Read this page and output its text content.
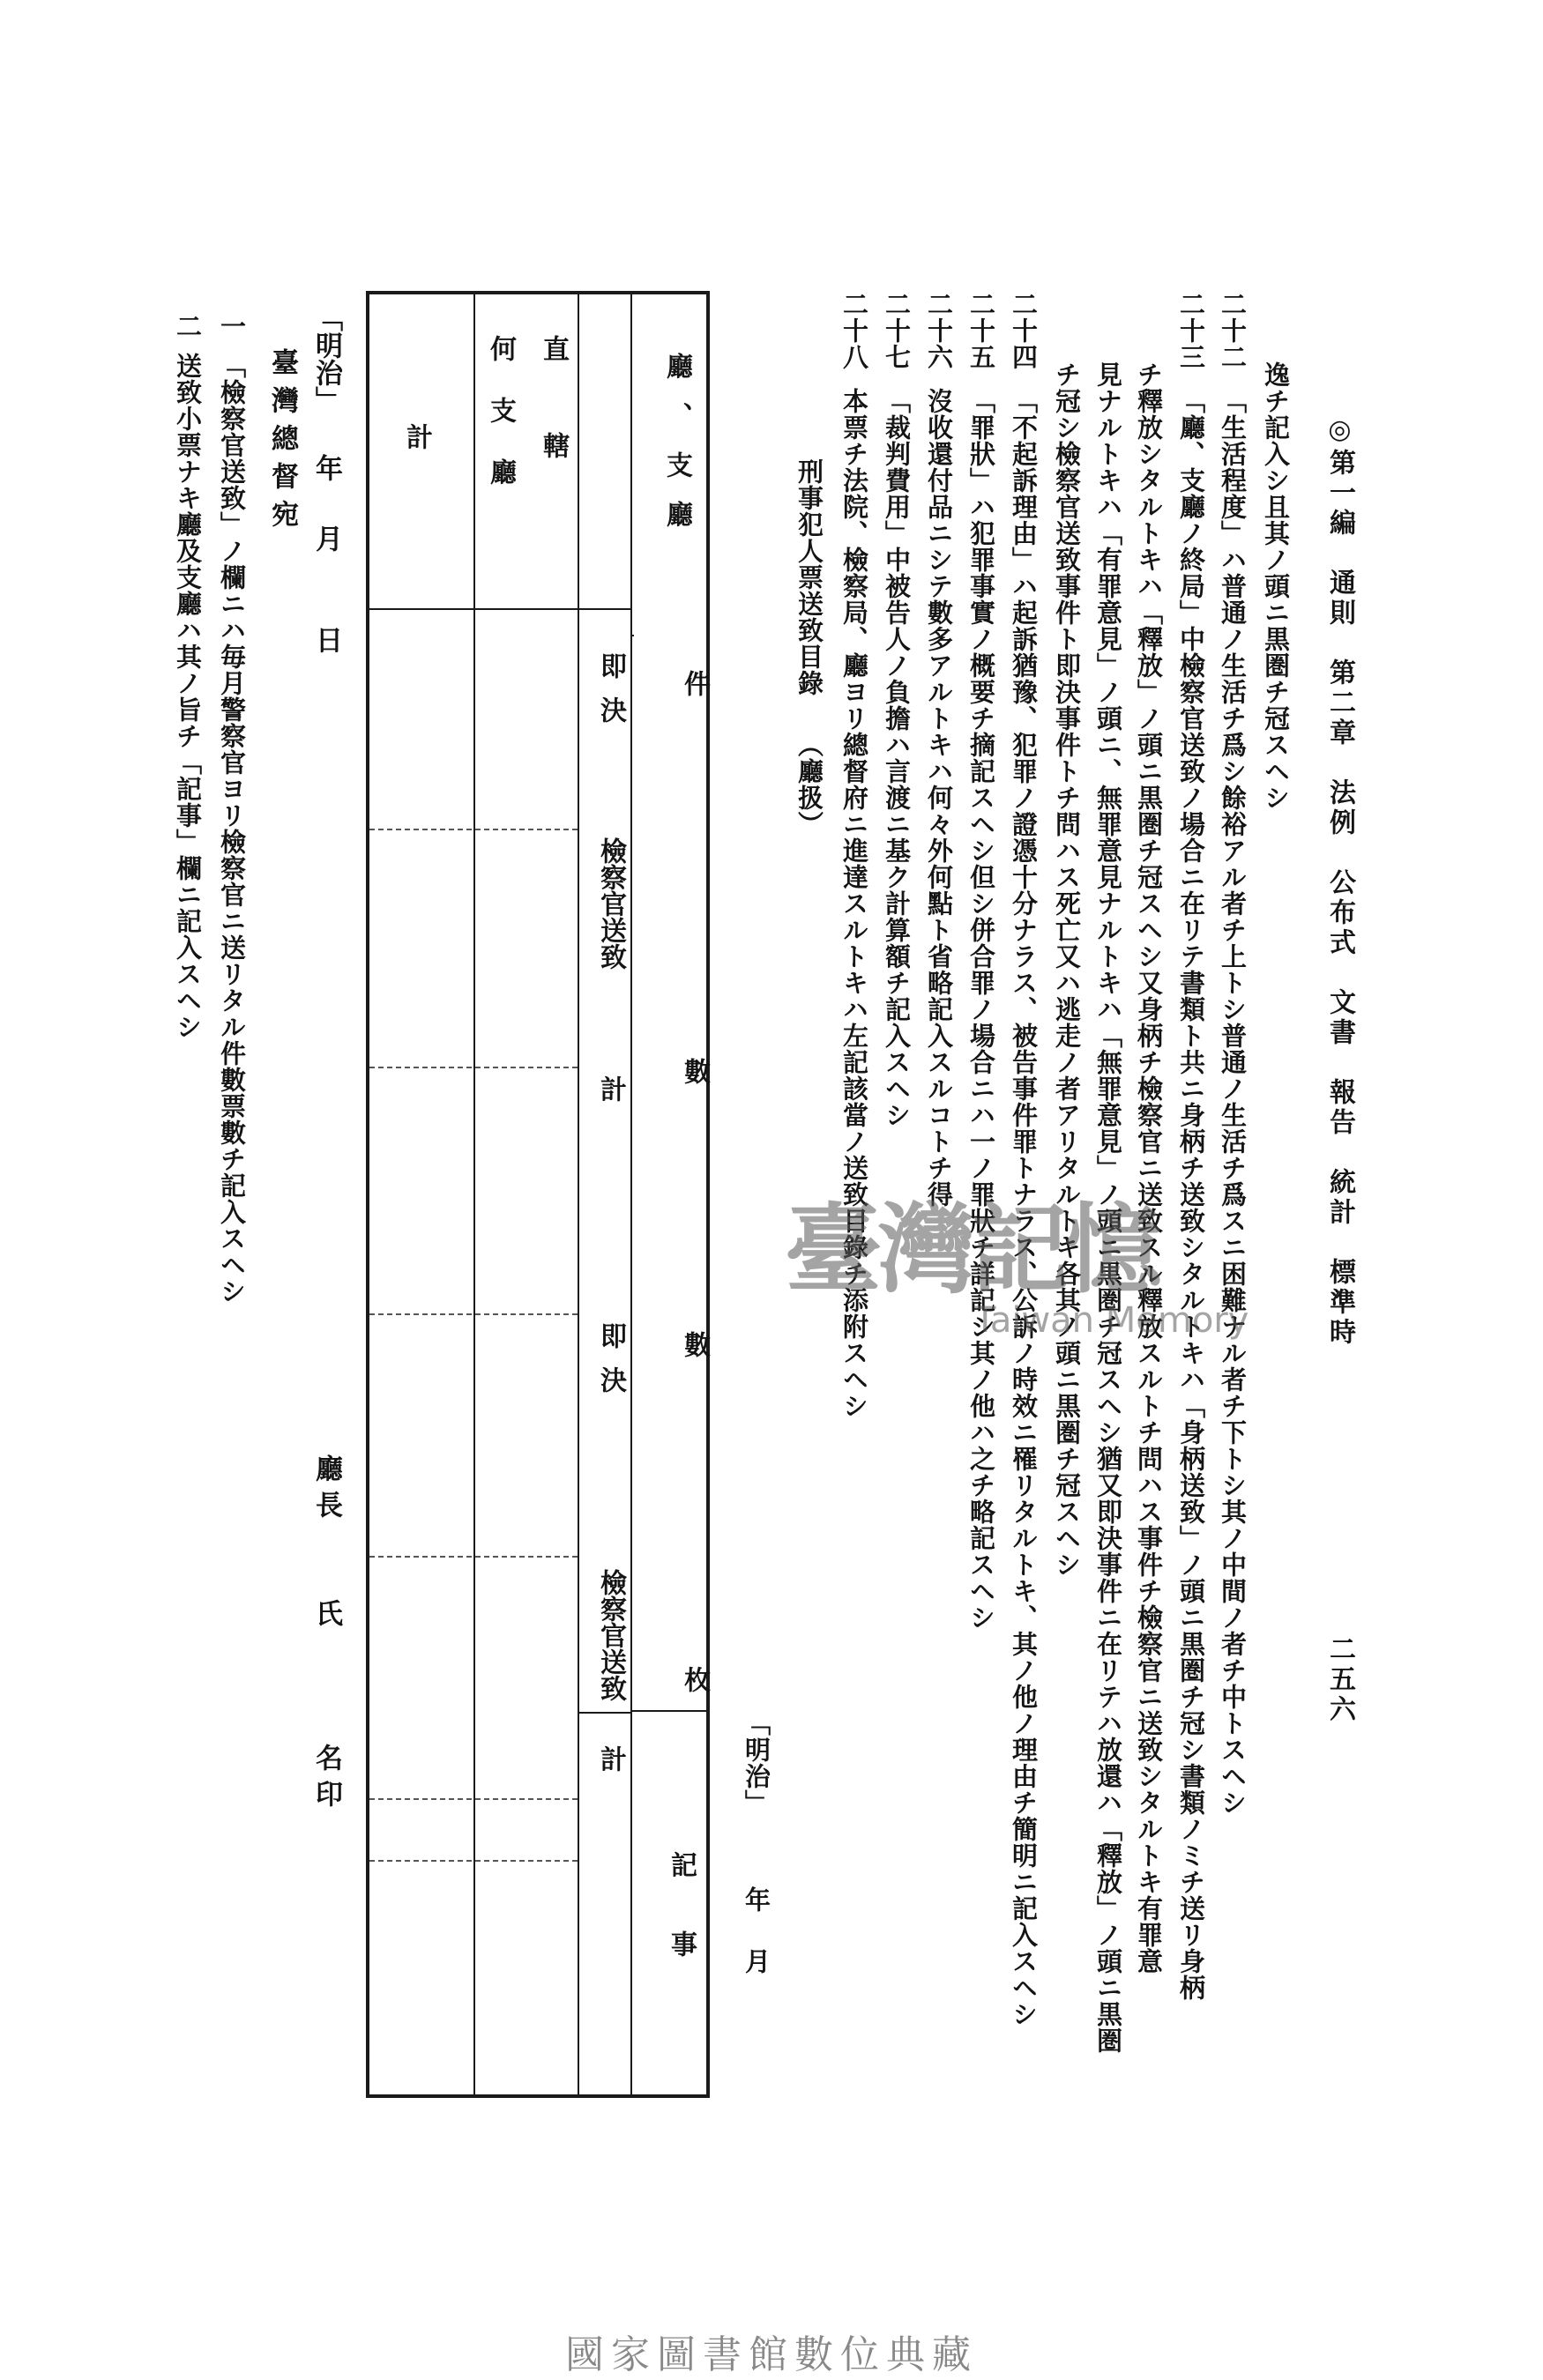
◎第一編　通則　第二章　法例　公布式　文書　報告　統計　標準時
二五六
逸チ記入シ且其ノ頭ニ黒圏チ冠スヘシ
二十二
「生活程度」ハ普通ノ生活チ爲シ餘裕アル者チ上トシ普通ノ生活チ爲スニ困難ナル者チ下トシ其ノ中間ノ者チ中トスヘシ
二十三
「廳、支廳ノ終局」中檢察官送致ノ場合ニ在リテ書類ト共ニ身柄チ送致シタルトキハ「身柄送致」ノ頭ニ黒圏チ冠シ書類ノミチ送リ身柄
チ釋放シタルトキハ「釋放」ノ頭ニ黒圏チ冠スヘシ又身柄チ檢察官ニ送致スル釋放スルトチ問ハス事件チ檢察官ニ送致シタルトキ有罪意
見ナルトキハ「有罪意見」ノ頭ニ、無罪意見ナルトキハ「無罪意見」ノ頭ニ黒圏チ冠スヘシ猶又即決事件ニ在リテハ放還ハ「釋放」ノ頭ニ黒圏
チ冠シ檢察官送致事件ト即決事件トチ問ハス死亡又ハ逃走ノ者アリタルトキ各其ノ頭ニ黒圏チ冠スヘシ
二十四
「不起訴理由」ハ起訴猶豫、犯罪ノ證憑十分ナラス、被告事件罪トナラス、公訴ノ時效ニ罹リタルトキ、其ノ他ノ理由チ簡明ニ記入スヘシ
二十五
「罪狀」ハ犯罪事實ノ概要チ摘記スヘシ但シ併合罪ノ場合ニハ一ノ罪狀チ詳記シ其ノ他ハ之チ略記スヘシ
二十六
沒收還付品ニシテ數多アルトキハ何々外何點ト省略記入スルコトチ得
二十七
「裁判費用」中被告人ノ負擔ハ言渡ニ基ク計算額チ記入スヘシ
二十八
本票チ法院、檢察局、廳ヨリ總督府ニ進達スルトキハ左記該當ノ送致目錄チ添附スヘシ
刑事犯人票送致目錄
（廳扱）
「明治」
年
月
廳、支廳
件
數
數
枚
記事
即決
檢察官送致
計
即決
檢察官送致
計
直轄
何支廳
計
「明治」
年
月
日
臺灣總督宛
廳長　　氏　　　名印
一
「檢察官送致」ノ欄ニハ毎月警察官ヨリ檢察官ニ送リタル件數票數チ記入スヘシ
二
送致小票ナキ廳及支廳ハ其ノ旨チ「記事」欄ニ記入スヘシ
臺灣記憶
Taiwan Memory
國家圖書館數位典藏
